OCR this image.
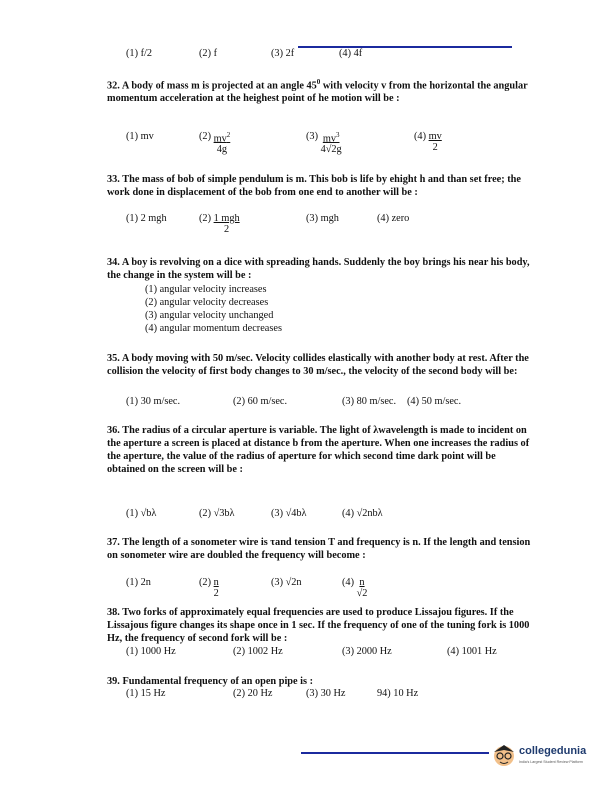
(1) f/2	(2) f	(3) 2f	(4) 4f
32. A body of mass m is projected at an angle $45^0$ with velocity v from the horizontal the angular momentum acceleration at the heighest point of he motion will be :
(1) mv	$(2) \frac{mv^2}{4g}$	$(3) \frac{mv^3}{4√2g}$	$(4) \frac{mv}{2}$
33. The mass of bob of simple pendulum is m. This bob is life by ehight h and than set free; the work done in displacement of the bob from one end to another will be :
(1) 2 mgh	$(2) \frac{\text{1 mgh}}{2}$	(3) mgh	(4) zero
34. A boy is revolving on a dice with spreading hands. Suddenly the boy brings his near his body, the change in the system will be :
(1) angular velocity increases
(2) angular velocity decreases
(3) angular velocity unchanged
(4) angular momentum decreases
35. A body moving with 50 m/sec. Velocity collides elastically with another body at rest. After the collision the velocity of first body changes to 30 m/sec., the velocity of the second body will be:
(1) 30 m/sec.	(2) 60 m/sec.	(3) 80 m/sec. (4) 50 m/sec.
36. The radius of a circular aperture is variable. The light of λwavelength is made to incident on the aperture a screen is placed at distance b from the aperture. When one increases the radius of the aperture, the value of the radius of aperture for which second time dark point will be obtained on the screen will be :
(1) √bλ	(2) √3bλ	(3) √4bλ	(4) √2nbλ
37. The length of a sonometer wire is τand tension T and frequency is n. If the length and tension on sonometer wire are doubled the frequency will become :
(1) 2n	$(2) \frac{n}{2}$	(3) √2n	$(4) \frac{n}{√2}$
38. Two forks of approximately equal frequencies are used to produce Lissajou figures. If the Lissajous figure changes its shape once in 1 sec. If the frequency of one of the tuning fork is 1000 Hz, the frequency of second fork will be :
(1) 1000 Hz	(2) 1002 Hz	(3) 2000 Hz	(4) 1001 Hz
39. Fundamental frequency of an open pipe is :
(1) 15 Hz	(2) 20 Hz	(3) 30 Hz	94) 10 Hz
collegedunia
India's Largest Student Review Platform
